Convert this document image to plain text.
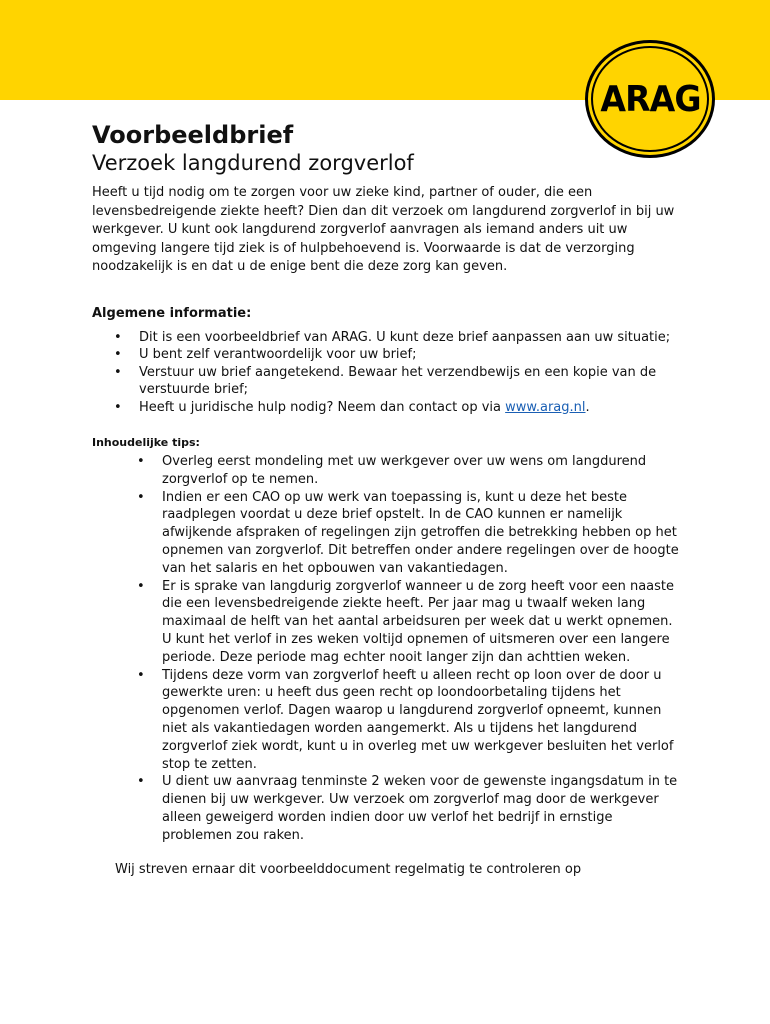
ARAG
Voorbeeldbrief
Verzoek langdurend zorgverlof

Heeft u tijd nodig om te zorgen voor uw zieke kind, partner of ouder, die een levensbedreigende ziekte heeft? Dien dan dit verzoek om langdurend zorgverlof in bij uw werkgever. U kunt ook langdurend zorgverlof aanvragen als iemand anders uit uw omgeving langere tijd ziek is of hulpbehoevend is. Voorwaarde is dat de verzorging noodzakelijk is en dat u de enige bent die deze zorg kan geven.

Algemene informatie:
• Dit is een voorbeeldbrief van ARAG. U kunt deze brief aanpassen aan uw situatie;
• U bent zelf verantwoordelijk voor uw brief;
• Verstuur uw brief aangetekend. Bewaar het verzendbewijs en een kopie van de verstuurde brief;
• Heeft u juridische hulp nodig? Neem dan contact op via www.arag.nl.
Inhoudelijke tips:
• Overleg eerst mondeling met uw werkgever over uw wens om langdurend zorgverlof op te nemen.
• Indien er een CAO op uw werk van toepassing is, kunt u deze het beste raadplegen voordat u deze brief opstelt. In de CAO kunnen er namelijk afwijkende afspraken of regelingen zijn getroffen die betrekking hebben op het opnemen van zorgverlof. Dit betreffen onder andere regelingen over de hoogte van het salaris en het opbouwen van vakantiedagen.
• Er is sprake van langdurig zorgverlof wanneer u de zorg heeft voor een naaste die een levensbedreigende ziekte heeft. Per jaar mag u twaalf weken lang maximaal de helft van het aantal arbeidsuren per week dat u werkt opnemen. U kunt het verlof in zes weken voltijd opnemen of uitsmeren over een langere periode. Deze periode mag echter nooit langer zijn dan achttien weken.
• Tijdens deze vorm van zorgverlof heeft u alleen recht op loon over de door u gewerkte uren: u heeft dus geen recht op loondoorbetaling tijdens het opgenomen verlof. Dagen waarop u langdurend zorgverlof opneemt, kunnen niet als vakantiedagen worden aangemerkt. Als u tijdens het langdurend zorgverlof ziek wordt, kunt u in overleg met uw werkgever besluiten het verlof stop te zetten.
• U dient uw aanvraag tenminste 2 weken voor de gewenste ingangsdatum in te dienen bij uw werkgever. Uw verzoek om zorgverlof mag door de werkgever alleen geweigerd worden indien door uw verlof het bedrijf in ernstige problemen zou raken.

Wij streven ernaar dit voorbeelddocument regelmatig te controleren op
